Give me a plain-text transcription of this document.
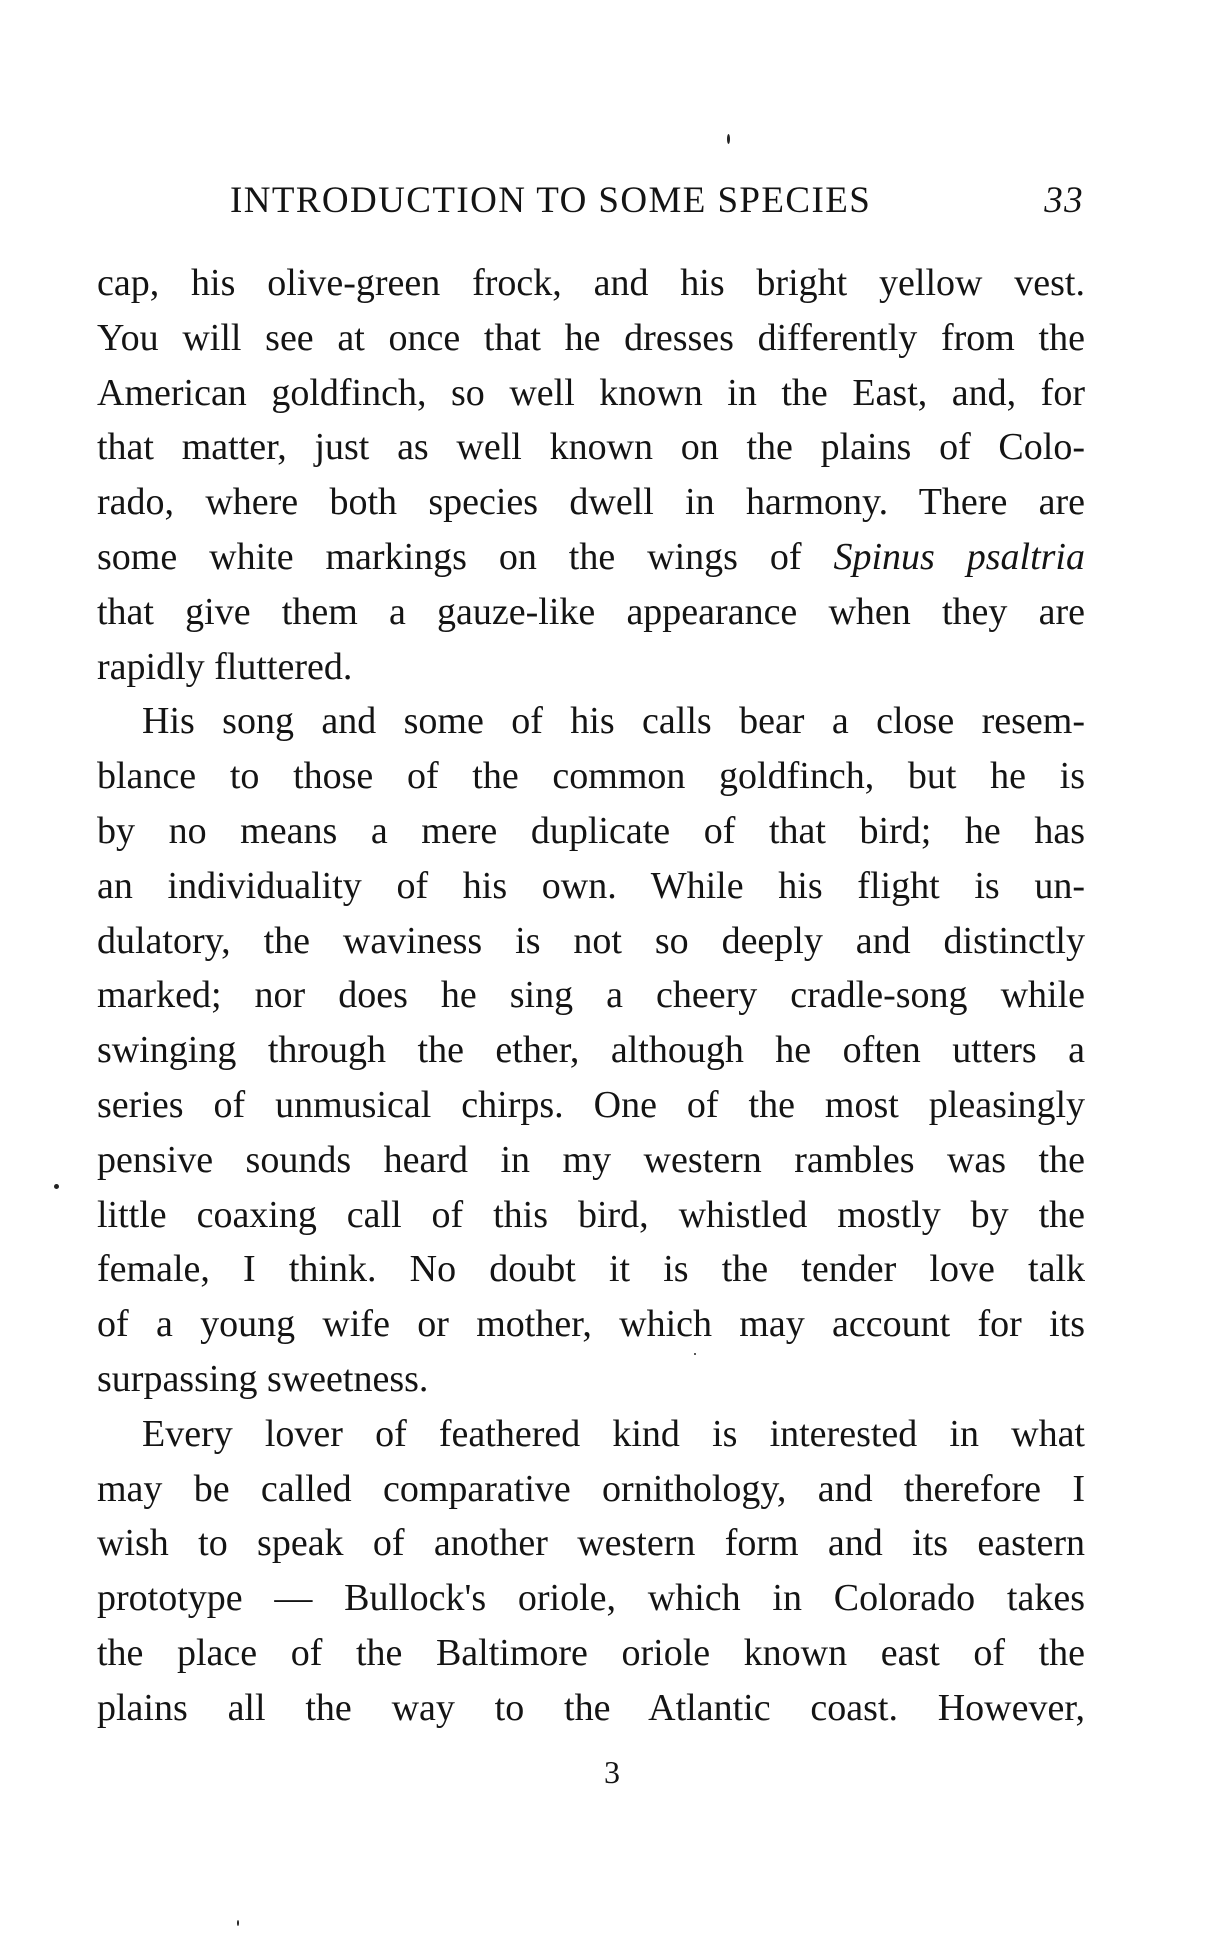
INTRODUCTION TO SOME SPECIES	33

cap, his olive-green frock, and his bright yellow vest.
You will see at once that he dresses differently from the
American goldfinch, so well known in the East, and, for
that matter, just as well known on the plains of Colo-
rado, where both species dwell in harmony. There are
some white markings on the wings of Spinus psaltria
that give them a gauze-like appearance when they are
rapidly fluttered.

His song and some of his calls bear a close resem-
blance to those of the common goldfinch, but he is
by no means a mere duplicate of that bird; he has
an individuality of his own. While his flight is un-
dulatory, the waviness is not so deeply and distinctly
marked; nor does he sing a cheery cradle-song while
swinging through the ether, although he often utters a
series of unmusical chirps. One of the most pleasingly
pensive sounds heard in my western rambles was the
little coaxing call of this bird, whistled mostly by the
female, I think. No doubt it is the tender love talk
of a young wife or mother, which may account for its
surpassing sweetness.

Every lover of feathered kind is interested in what
may be called comparative ornithology, and therefore I
wish to speak of another western form and its eastern
prototype — Bullock's oriole, which in Colorado takes
the place of the Baltimore oriole known east of the
plains all the way to the Atlantic coast. However,

3
